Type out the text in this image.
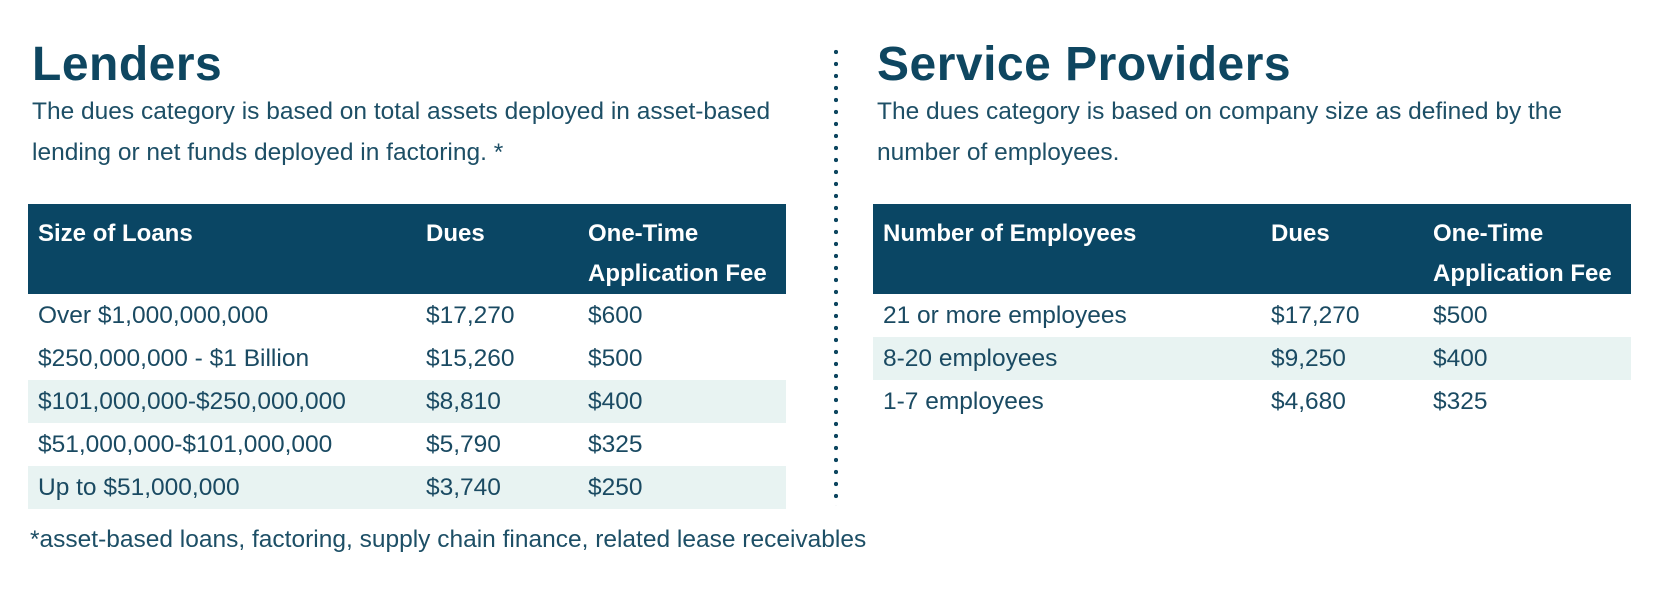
Lenders

The dues category is based on total assets deployed in asset-based
lending or net funds deployed in factoring. *

Size of Loans	Dues	One-Time
Application Fee
Over $1,000,000,000	$17,270	$600
$250,000,000 - $1 Billion	$15,260	$500
$101,000,000-$250,000,000	$8,810	$400
$51,000,000-$101,000,000	$5,790	$325
Up to $51,000,000	$3,740	$250
Service Providers

The dues category is based on company size as defined by the
number of employees.

Number of Employees	Dues	One-Time
Application Fee
21 or more employees	$17,270	$500
8-20 employees	$9,250	$400
1-7 employees	$4,680	$325

*asset-based loans, factoring, supply chain finance, related lease receivables
